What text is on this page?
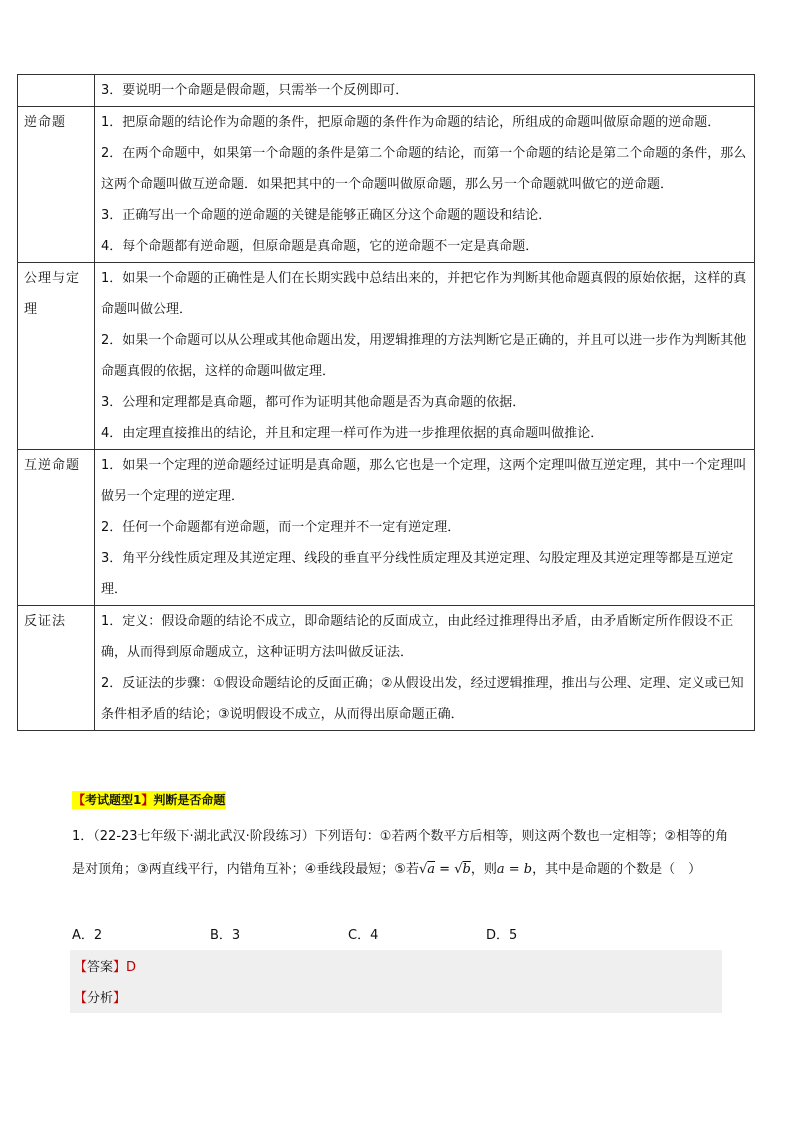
	3．要说明一个命题是假命题，只需举一个反例即可．

逆命题	1．把原命题的结论作为命题的条件，把原命题的条件作为命题的结论，所组成的命题叫做原命题的逆命题．

2．在两个命题中，如果第一个命题的条件是第二个命题的结论，而第一个命题的结论是第二个命题的条件，那么这两个命题叫做互逆命题．如果把其中的一个命题叫做原命题，那么另一个命题就叫做它的逆命题．

3．正确写出一个命题的逆命题的关键是能够正确区分这个命题的题设和结论．

4．每个命题都有逆命题，但原命题是真命题，它的逆命题不一定是真命题．

公理与定理	1．如果一个命题的正确性是人们在长期实践中总结出来的，并把它作为判断其他命题真假的原始依据，这样的真命题叫做公理．

2．如果一个命题可以从公理或其他命题出发，用逻辑推理的方法判断它是正确的，并且可以进一步作为判断其他命题真假的依据，这样的命题叫做定理．

3．公理和定理都是真命题，都可作为证明其他命题是否为真命题的依据．

4．由定理直接推出的结论，并且和定理一样可作为进一步推理依据的真命题叫做推论．

互逆命题	1．如果一个定理的逆命题经过证明是真命题，那么它也是一个定理，这两个定理叫做互逆定理，其中一个定理叫做另一个定理的逆定理．

2．任何一个命题都有逆命题，而一个定理并不一定有逆定理．

3．角平分线性质定理及其逆定理、线段的垂直平分线性质定理及其逆定理、勾股定理及其逆定理等都是互逆定理．

反证法	1．定义：假设命题的结论不成立，即命题结论的反面成立，由此经过推理得出矛盾，由矛盾断定所作假设不正确，从而得到原命题成立，这种证明方法叫做反证法．

2．反证法的步骤：①假设命题结论的反面正确；②从假设出发，经过逻辑推理，推出与公理、定理、定义或已知条件相矛盾的结论；③说明假设不成立，从而得出原命题正确．

【考试题型1】判断是否命题

1．（22-23七年级下·湖北武汉·阶段练习）下列语句：①若两个数平方后相等，则这两个数也一定相等；②相等的角是对顶角；③两直线平行，内错角互补；④垂线段最短；⑤若√a = √b，则a = b，其中是命题的个数是（　）

A．2	B．3	C．4	D．5
【答案】D
【分析】
